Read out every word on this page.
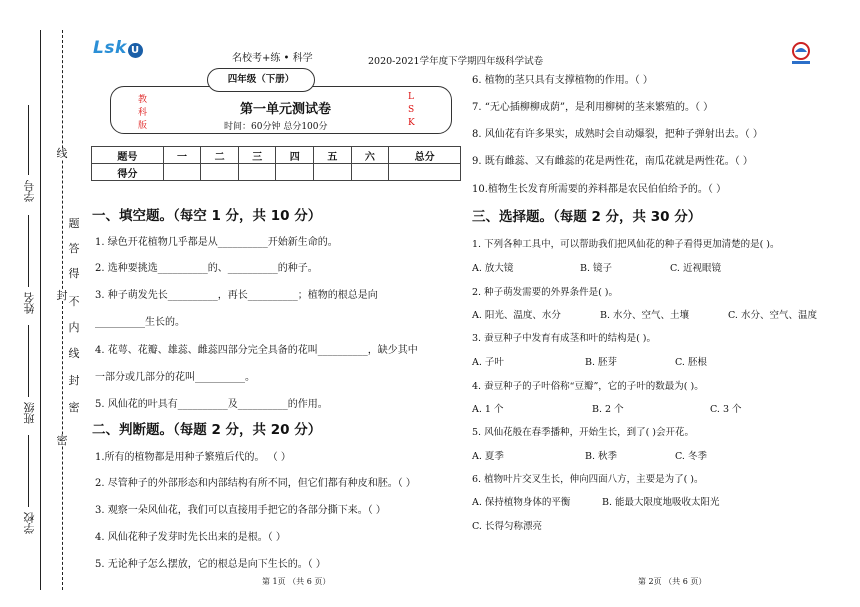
学号
姓名
班级
学校
线
封
密
题
答
得
不
内
线
封
密
Lsk U
名校考+练 • 科学	2020-2021学年度下学期四年级科学试卷
四年级（下册）
教
科
版
L
S
K
第一单元测试卷
时间：60分钟 总分100分
题号	一	二	三	四	五	六	总分
得分							
一、填空题。（每空 1 分，共 10 分）
1. 绿色开花植物几乎都是从__________开始新生命的。
2. 选种要挑选__________的、__________的种子。
3. 种子萌发先长__________，再长__________；植物的根总是向
__________生长的。
4. 花萼、花瓣、雄蕊、雌蕊四部分完全具备的花叫__________，缺少其中
一部分或几部分的花叫__________。
5. 风仙花的叶具有__________及__________的作用。
二、判断题。（每题 2 分，共 20 分）
1.所有的植物都是用种子繁殖后代的。 （ ）
2. 尽管种子的外部形态和内部结构有所不同，但它们都有种皮和胚。（ ）
3. 观察一朵风仙花，我们可以直接用手把它的各部分撕下来。（ ）
4. 风仙花种子发芽时先长出来的是根。（ ）
5. 无论种子怎么摆放，它的根总是向下生长的。（ ）
6. 植物的茎只具有支撑植物的作用。（ ）
7. “无心插柳柳成荫”，是利用柳树的茎来繁殖的。（ ）
8. 风仙花有许多果实，成熟时会自动爆裂，把种子弹射出去。（ ）
9. 既有雌蕊、又有雌蕊的花是两性花，南瓜花就是两性花。（ ）
10.植物生长发育所需要的养料都是农民伯伯给予的。（ ）
三、选择题。（每题 2 分，共 30 分）
1. 下列各种工具中，可以帮助我们把风仙花的种子看得更加清楚的是( )。
A. 放大镜	B. 镜子	C. 近视眼镜
2. 种子萌发需要的外界条件是( )。
A. 阳光、温度、水分	B. 水分、空气、土壤	C. 水分、空气、温度
3. 蚕豆种子中发育有成茎和叶的结构是( )。
A. 子叶	B. 胚芽	C. 胚根
4. 蚕豆种子的子叶俗称“豆瓣”，它的子叶的数最为( )。
A. 1 个	B. 2 个	C. 3 个
5. 风仙花般在春季播种，开始生长，到了( )会开花。
A. 夏季	B. 秋季	C. 冬季
6. 植物叶片交叉生长，伸向四面八方，主要是为了( )。
A. 保持植物身体的平衡	B. 能最大限度地吸收太阳光
C. 长得匀称漂亮
第 1页 （共 6 页）	第 2页 （共 6 页）
